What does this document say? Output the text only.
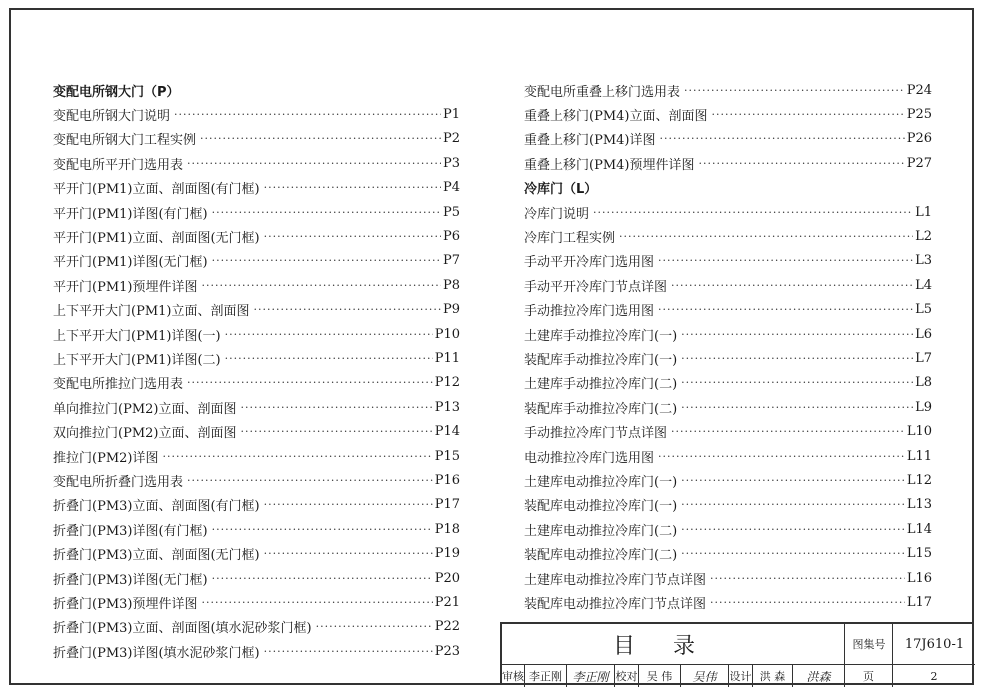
变配电所钢大门（P）
变配电所钢大门说明 ·····	P1
变配电所钢大门工程实例 ·····	P2
变配电所平开门选用表 ·····	P3
平开门(PM1)立面、剖面图(有门框) ·····	P4
平开门(PM1)详图(有门框) ·····	P5
平开门(PM1)立面、剖面图(无门框) ·····	P6
平开门(PM1)详图(无门框) ·····	P7
平开门(PM1)预埋件详图 ·····	P8
上下平开大门(PM1)立面、剖面图 ·····	P9
上下平开大门(PM1)详图(一) ·····	P10
上下平开大门(PM1)详图(二) ·····	P11
变配电所推拉门选用表 ·····	P12
单向推拉门(PM2)立面、剖面图 ·····	P13
双向推拉门(PM2)立面、剖面图 ·····	P14
推拉门(PM2)详图 ·····	P15
变配电所折叠门选用表 ·····	P16
折叠门(PM3)立面、剖面图(有门框) ·····	P17
折叠门(PM3)详图(有门框) ·····	P18
折叠门(PM3)立面、剖面图(无门框) ·····	P19
折叠门(PM3)详图(无门框) ·····	P20
折叠门(PM3)预埋件详图 ·····	P21
折叠门(PM3)立面、剖面图(填水泥砂浆门框) ·····	P22
折叠门(PM3)详图(填水泥砂浆门框) ·····	P23
变配电所重叠上移门选用表 ·····	P24
重叠上移门(PM4)立面、剖面图 ·····	P25
重叠上移门(PM4)详图 ·····	P26
重叠上移门(PM4)预埋件详图 ·····	P27
冷库门（L）
冷库门说明 ·····	L1
冷库门工程实例 ·····	L2
手动平开冷库门选用图 ·····	L3
手动平开冷库门节点详图 ·····	L4
手动推拉冷库门选用图 ·····	L5
土建库手动推拉冷库门(一) ·····	L6
装配库手动推拉冷库门(一) ·····	L7
土建库手动推拉冷库门(二) ·····	L8
装配库手动推拉冷库门(二) ·····	L9
手动推拉冷库门节点详图 ·····	L10
电动推拉冷库门选用图 ·····	L11
土建库电动推拉冷库门(一) ·····	L12
装配库电动推拉冷库门(一) ·····	L13
土建库电动推拉冷库门(二) ·····	L14
装配库电动推拉冷库门(二) ·····	L15
土建库电动推拉冷库门节点详图 ·····	L16
装配库电动推拉冷库门节点详图 ·····	L17
目录	图集号	17J610-1
审核 李正刚 李正刚 校对 吴 伟	吴伟	设计 洪 森	洪森	页	2
